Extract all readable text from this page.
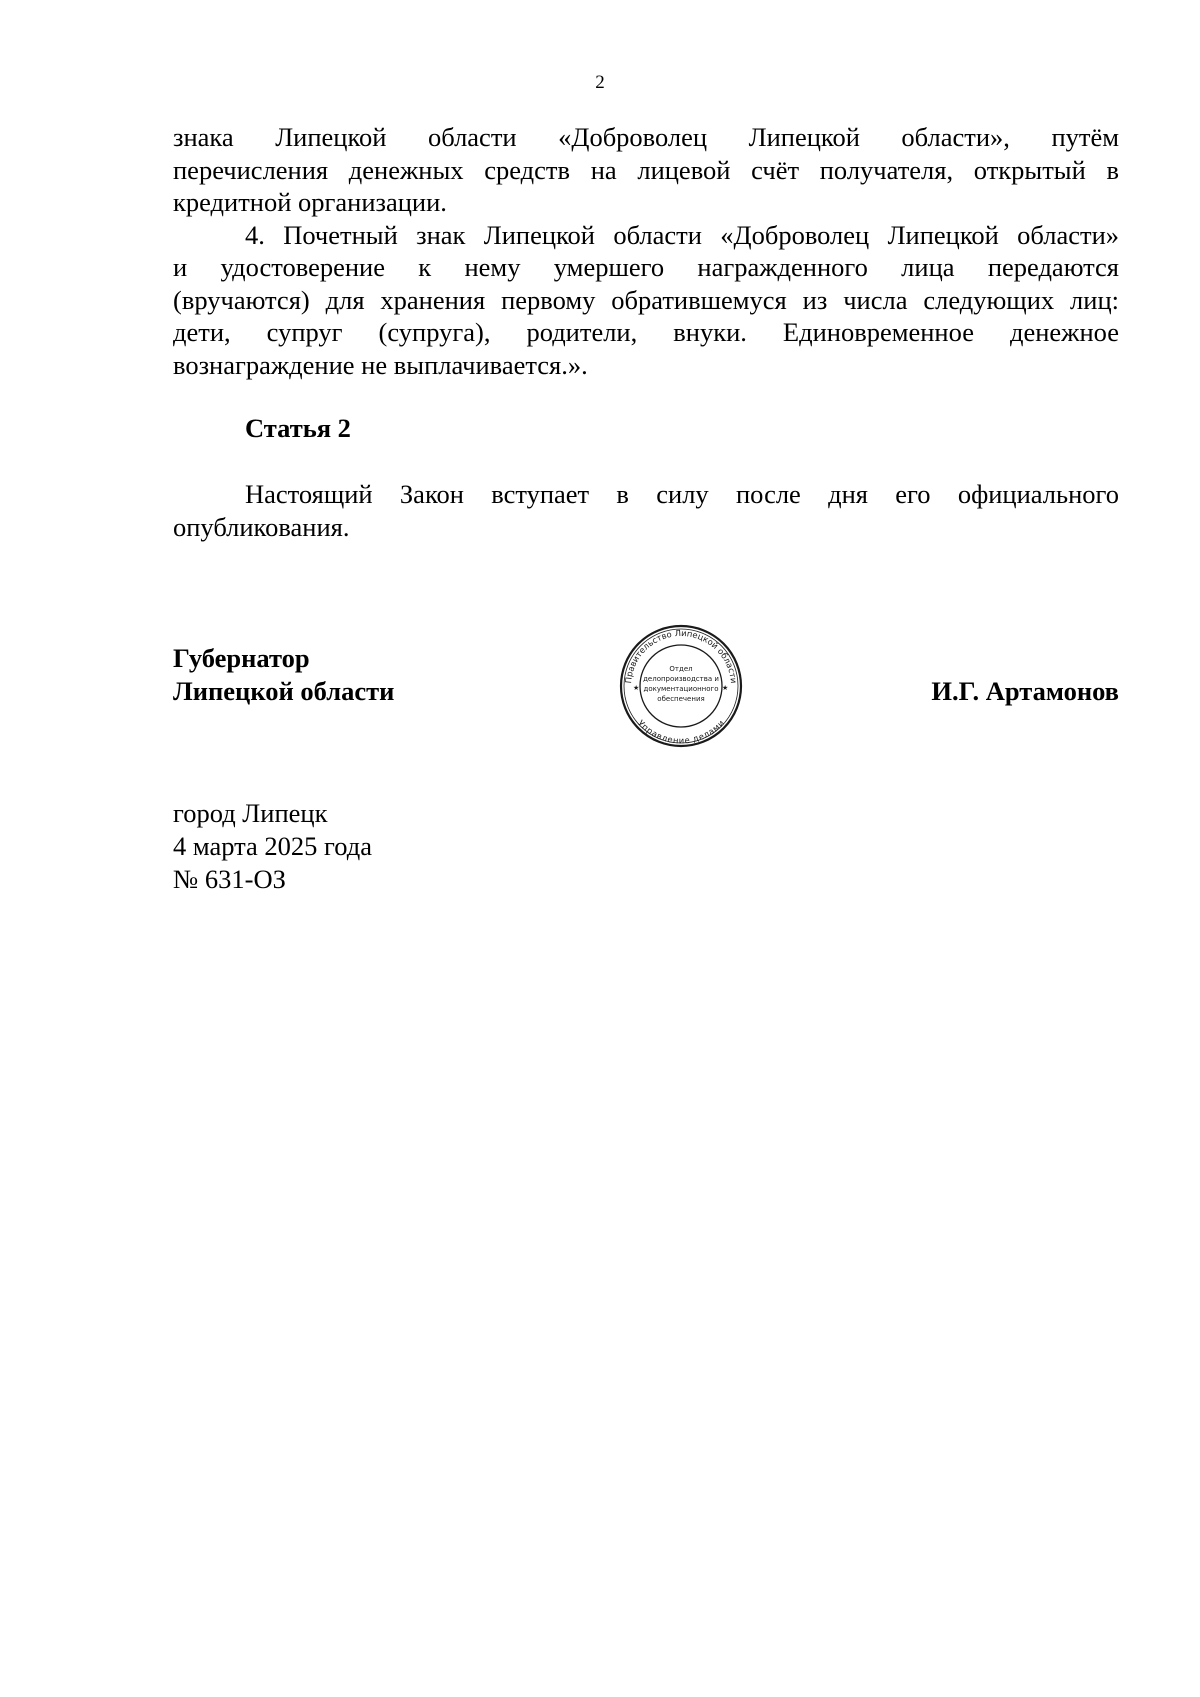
2
знака Липецкой области «Доброволец Липецкой области», путём
перечисления денежных средств на лицевой счёт получателя, открытый в
кредитной организации.
4. Почетный знак Липецкой области «Доброволец Липецкой области»
и удостоверение к нему умершего награжденного лица передаются
(вручаются) для хранения первому обратившемуся из числа следующих лиц:
дети, супруг (супруга), родители, внуки. Единовременное денежное
вознаграждение не выплачивается.».
Статья 2
Настоящий Закон вступает в силу после дня его официального
опубликования.
Губернатор
Липецкой области	Правительство Липецкой области
Управление делами
Отдел
делопроизводства и
документационного
обеспечения
★	★	И.Г. Артамонов
город Липецк
4 марта 2025 года
№ 631-ОЗ
